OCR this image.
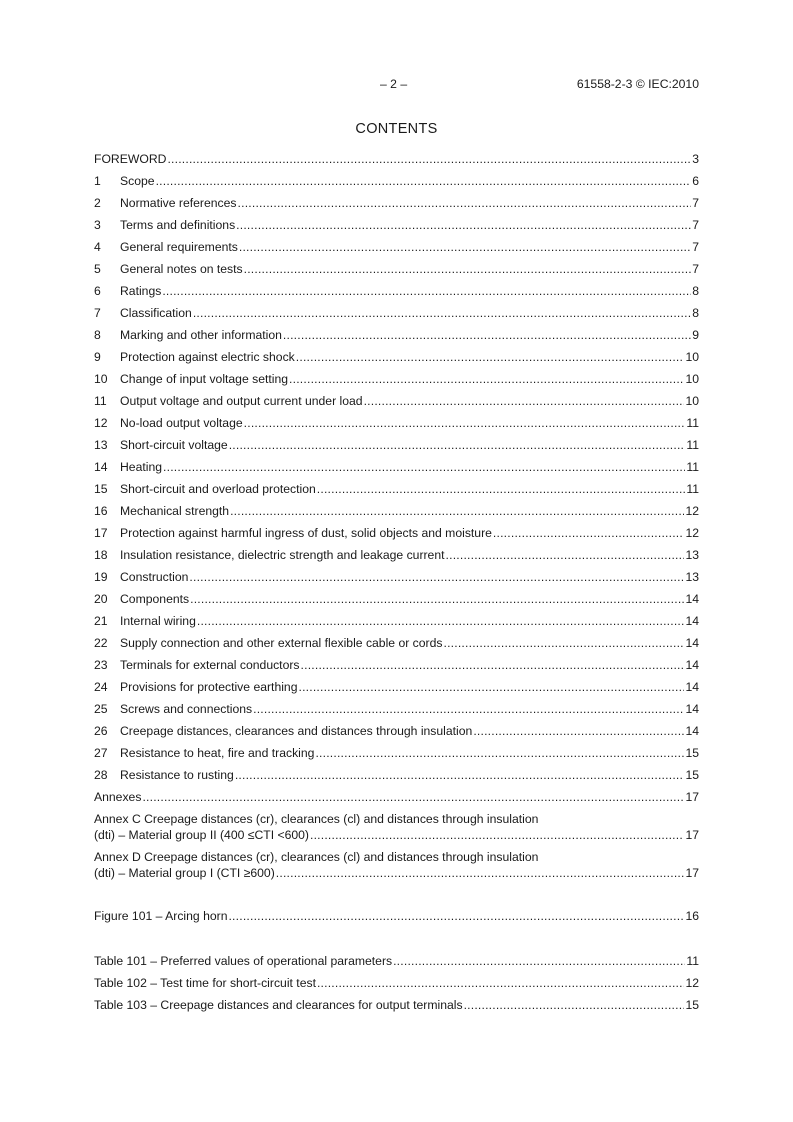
– 2 –	61558-2-3 © IEC:2010
CONTENTS
FOREWORD .....	3
1	Scope .....	6
2	Normative references .....	7
3	Terms and definitions .....	7
4	General requirements .....	7
5	General notes on tests .....	7
6	Ratings .....	8
7	Classification .....	8
8	Marking and other information .....	9
9	Protection against electric shock .....	10
10	Change of input voltage setting .....	10
11	Output voltage and output current under load .....	10
12	No-load output voltage .....	11
13	Short-circuit voltage .....	11
14	Heating .....	11
15	Short-circuit and overload protection .....	11
16	Mechanical strength .....	12
17	Protection against harmful ingress of dust, solid objects and moisture .....	12
18	Insulation resistance, dielectric strength and leakage current .....	13
19	Construction .....	13
20	Components .....	14
21	Internal wiring .....	14
22	Supply connection and other external flexible cable or cords .....	14
23	Terminals for external conductors .....	14
24	Provisions for protective earthing .....	14
25	Screws and connections .....	14
26	Creepage distances, clearances and distances through insulation .....	14
27	Resistance to heat, fire and tracking .....	15
28	Resistance to rusting .....	15
Annexes .....	17
Annex C Creepage distances (cr), clearances (cl) and distances through insulation
(dti) – Material group II (400 ≤CTI <600) .....	17
Annex D Creepage distances (cr), clearances (cl) and distances through insulation
(dti) – Material group I (CTI ≥600) .....	17
Figure 101 – Arcing horn .....	16
Table 101 – Preferred values of operational parameters .....	11
Table 102 – Test time for short-circuit test .....	12
Table 103 – Creepage distances and clearances for output terminals .....	15
